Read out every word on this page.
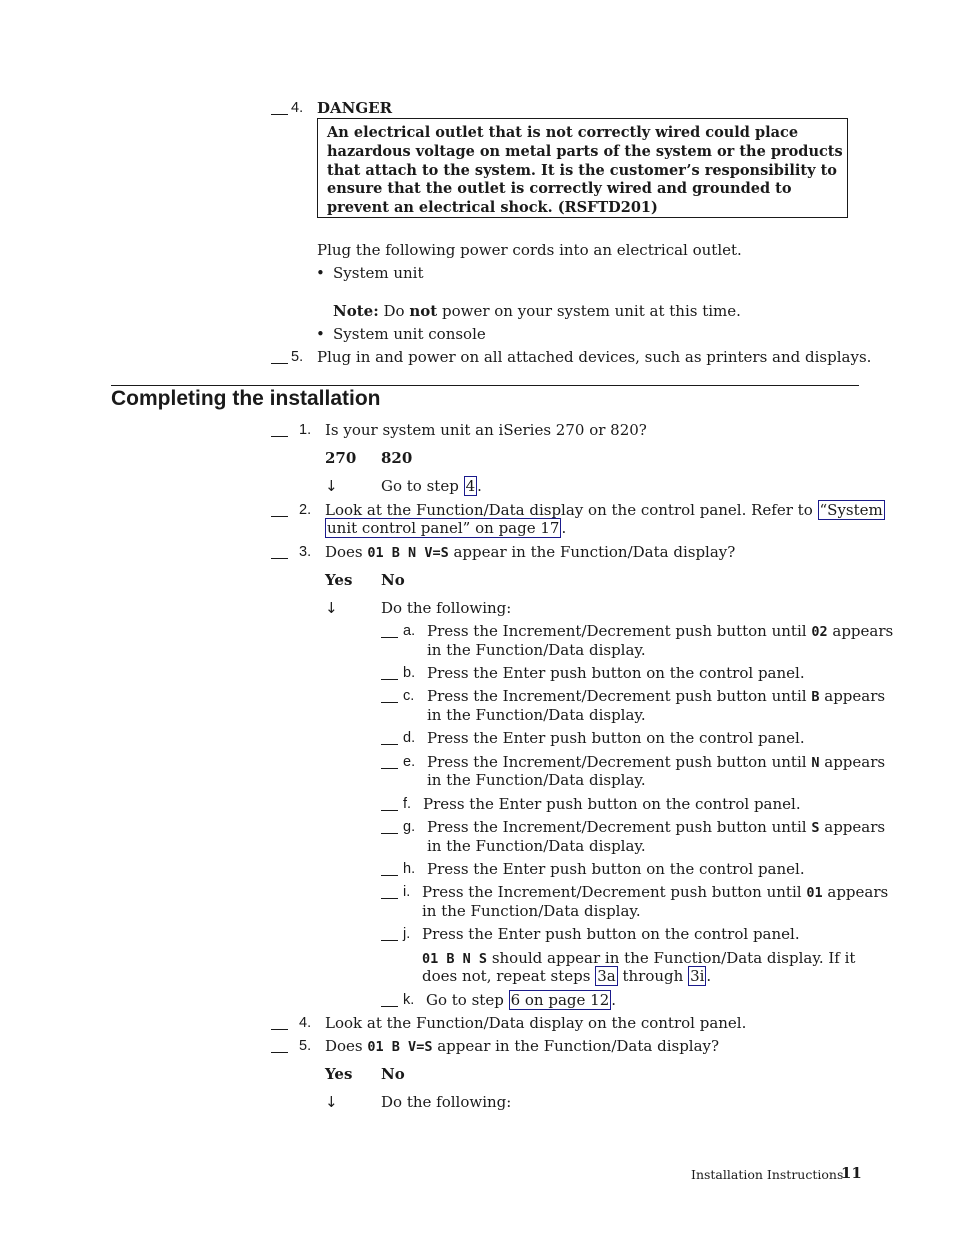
4. DANGER

An electrical outlet that is not correctly wired could place hazardous voltage on metal parts of the system or the products that attach to the system. It is the customer’s responsibility to ensure that the outlet is correctly wired and grounded to prevent an electrical shock. (RSFTD201)

Plug the following power cords into an electrical outlet.
• System unit
Note: Do not power on your system unit at this time.
• System unit console
5. Plug in and power on all attached devices, such as printers and displays.
Completing the installation
1. Is your system unit an iSeries 270 or 820?
270 820
↓	Go to step 4 .
2. Look at the Function/Data display on the control panel. Refer to “System
unit control panel” on page 17 .
3. Does 01 B N V=S appear in the Function/Data display?
Yes No
↓	Do the following:
a. Press the Increment/Decrement push button until 02 appears
in the Function/Data display.
b. Press the Enter push button on the control panel.
c. Press the Increment/Decrement push button until B appears
in the Function/Data display.
d. Press the Enter push button on the control panel.
e. Press the Increment/Decrement push button until N appears
in the Function/Data display.
f. Press the Enter push button on the control panel.
g. Press the Increment/Decrement push button until S appears
in the Function/Data display.
h. Press the Enter push button on the control panel.
i. Press the Increment/Decrement push button until 01 appears
in the Function/Data display.
j. Press the Enter push button on the control panel.
01 B N S should appear in the Function/Data display. If it
does not, repeat steps 3a through 3i .
k. Go to step 6 on page 12 .
4. Look at the Function/Data display on the control panel.
5. Does 01 B V=S appear in the Function/Data display?
Yes No
↓	Do the following:
Installation Instructions
11
